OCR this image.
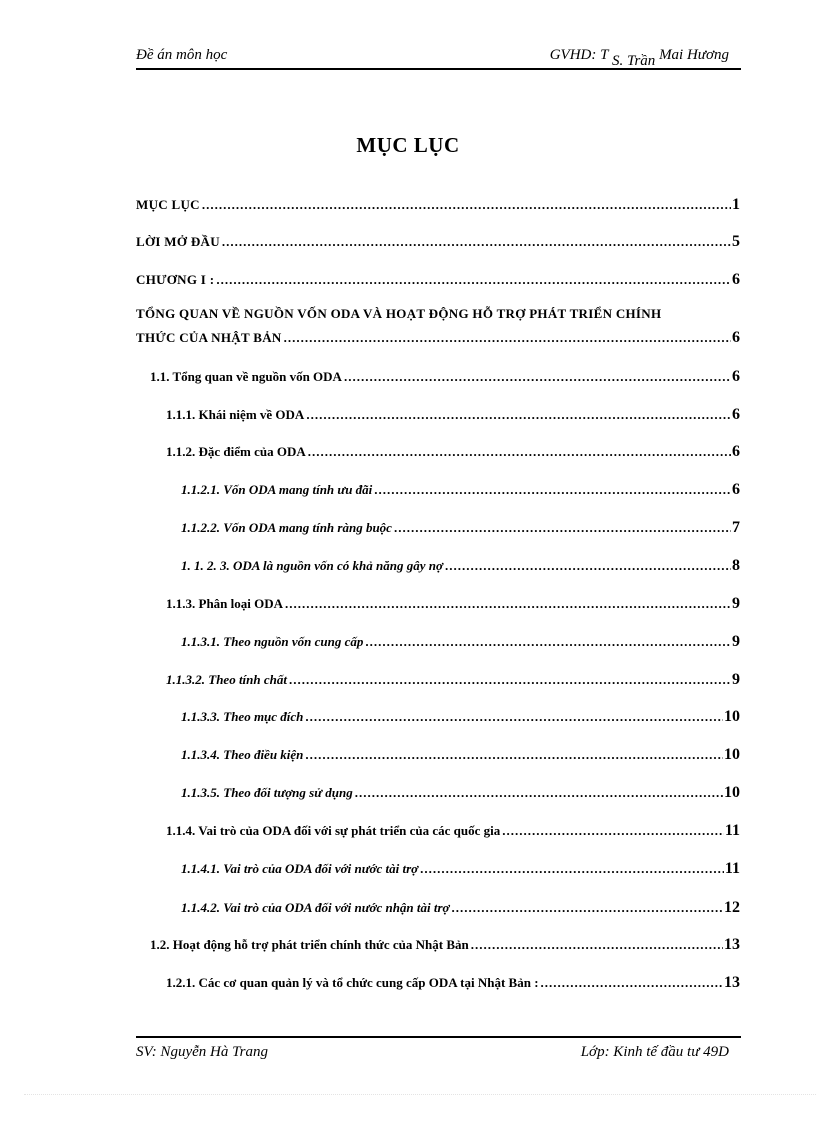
Đề án môn học	GVHD: T S. Trần Mai Hương
MỤC LỤC
MỤC LỤC .....	1
LỜI MỞ ĐẦU .....	5
CHƯƠNG I : .....	6
TỔNG QUAN VỀ NGUỒN VỐN ODA VÀ HOẠT ĐỘNG HỖ TRỢ PHÁT TRIỂN CHÍNH
THỨC CỦA NHẬT BẢN .....	6
1.1. Tổng quan về nguồn vốn ODA .....	6
1.1.1. Khái niệm về ODA .....	6
1.1.2. Đặc điểm của ODA .....	6
1.1.2.1. Vốn ODA mang tính ưu đãi .....	6
1.1.2.2. Vốn ODA mang tính ràng buộc .....	7
1. 1. 2. 3. ODA là nguồn vốn có khả năng gây nợ .....	8
1.1.3. Phân loại ODA .....	9
1.1.3.1. Theo nguồn vốn cung cấp .....	9
1.1.3.2. Theo tính chất .....	9
1.1.3.3. Theo mục đích .....	10
1.1.3.4. Theo điều kiện .....	10
1.1.3.5. Theo đối tượng sử dụng .....	10
1.1.4. Vai trò của ODA đối với sự phát triển của các quốc gia .....	11
1.1.4.1. Vai trò của ODA đối với nước tài trợ .....	11
1.1.4.2. Vai trò của ODA đối với nước nhận tài trợ .....	12
1.2. Hoạt động hỗ trợ phát triển chính thức của Nhật Bản .....	13
1.2.1. Các cơ quan quản lý và tổ chức cung cấp ODA tại Nhật Bản : .....	13
SV: Nguyễn Hà Trang	Lớp: Kinh tế đầu tư 49D
